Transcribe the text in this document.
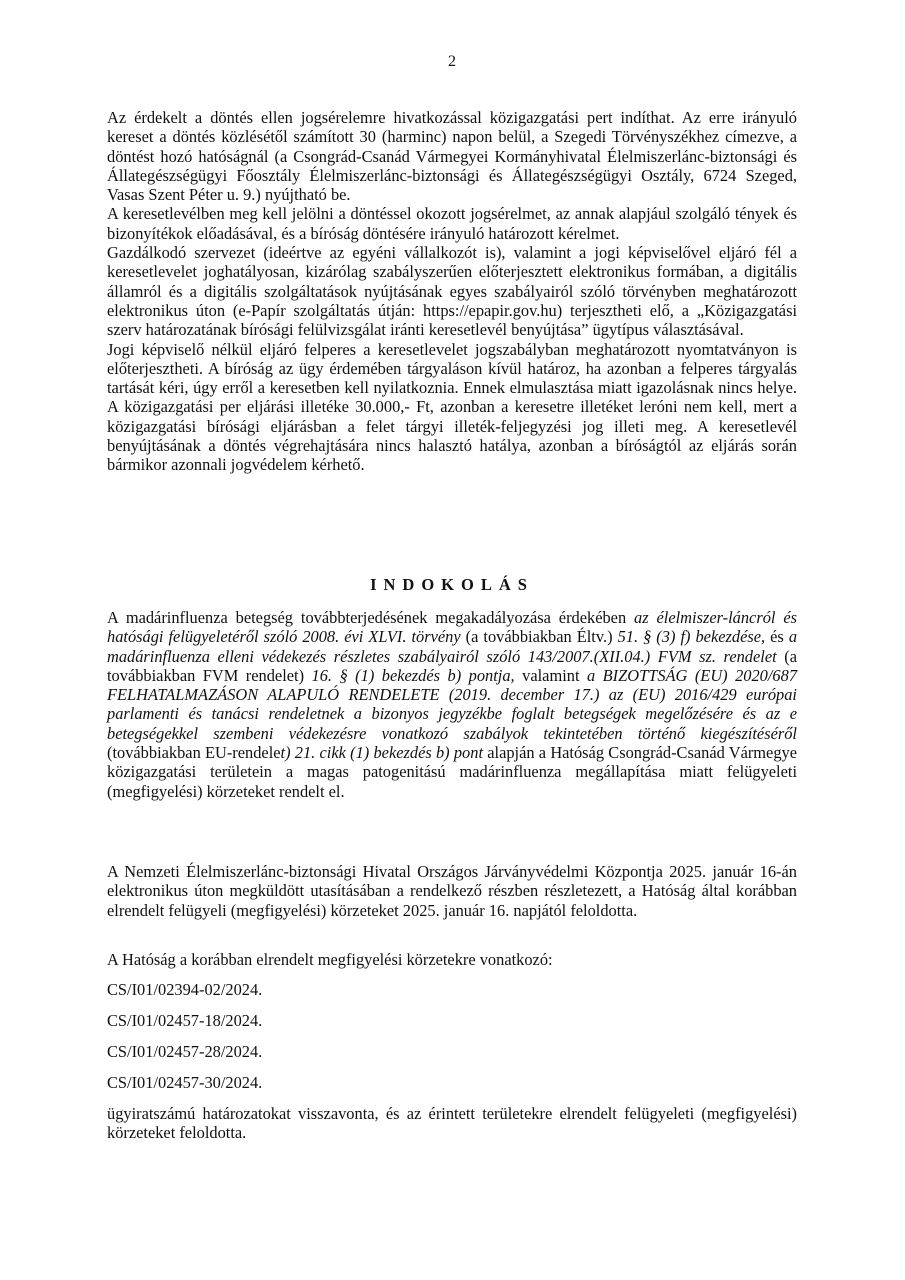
2

Az érdekelt a döntés ellen jogsérelemre hivatkozással közigazgatási pert indíthat. Az erre irányuló kereset a döntés közlésétől számított 30 (harminc) napon belül, a Szegedi Törvényszékhez címezve, a döntést hozó hatóságnál (a Csongrád-Csanád Vármegyei Kormányhivatal Élelmiszerlánc-biztonsági és Állategészségügyi Főosztály Élelmiszerlánc-biztonsági és Állategészségügyi Osztály, 6724 Szeged, Vasas Szent Péter u. 9.) nyújtható be.

A keresetlevélben meg kell jelölni a döntéssel okozott jogsérelmet, az annak alapjául szolgáló tények és bizonyítékok előadásával, és a bíróság döntésére irányuló határozott kérelmet.

Gazdálkodó szervezet (ideértve az egyéni vállalkozót is), valamint a jogi képviselővel eljáró fél a keresetlevelet joghatályosan, kizárólag szabályszerűen előterjesztett elektronikus formában, a digitális államról és a digitális szolgáltatások nyújtásának egyes szabályairól szóló törvényben meghatározott elektronikus úton (e-Papír szolgáltatás útján: https://epapir.gov.hu) terjesztheti elő, a „Közigazgatási szerv határozatának bírósági felülvizsgálat iránti keresetlevél benyújtása” ügytípus választásával.

Jogi képviselő nélkül eljáró felperes a keresetlevelet jogszabályban meghatározott nyomtatványon is előterjesztheti. A bíróság az ügy érdemében tárgyaláson kívül határoz, ha azonban a felperes tárgyalás tartását kéri, úgy erről a keresetben kell nyilatkoznia. Ennek elmulasztása miatt igazolásnak nincs helye. A közigazgatási per eljárási illetéke 30.000,- Ft, azonban a keresetre illetéket leróni nem kell, mert a közigazgatási bírósági eljárásban a felet tárgyi illeték-feljegyzési jog illeti meg. A keresetlevél benyújtásának a döntés végrehajtására nincs halasztó hatálya, azonban a bíróságtól az eljárás során bármikor azonnali jogvédelem kérhető.

INDOKOLÁS

A madárinfluenza betegség továbbterjedésének megakadályozása érdekében az élelmiszer-láncról és hatósági felügyeletéről szóló 2008. évi XLVI. törvény (a továbbiakban Éltv.) 51. § (3) f) bekezdése, és a madárinfluenza elleni védekezés részletes szabályairól szóló 143/2007.(XII.04.) FVM sz. rendelet (a továbbiakban FVM rendelet) 16. § (1) bekezdés b) pontja, valamint a BIZOTTSÁG (EU) 2020/687 FELHATALMAZÁSON ALAPULÓ RENDELETE (2019. december 17.) az (EU) 2016/429 európai parlamenti és tanácsi rendeletnek a bizonyos jegyzékbe foglalt betegségek megelőzésére és az e betegségekkel szembeni védekezésre vonatkozó szabályok tekintetében történő kiegészítéséről (továbbiakban EU-rendelet) 21. cikk (1) bekezdés b) pont alapján a Hatóság Csongrád-Csanád Vármegye közigazgatási területein a magas patogenitású madárinfluenza megállapítása miatt felügyeleti (megfigyelési) körzeteket rendelt el.

A Nemzeti Élelmiszerlánc-biztonsági Hivatal Országos Járványvédelmi Központja 2025. január 16-án elektronikus úton megküldött utasításában a rendelkező részben részletezett, a Hatóság által korábban elrendelt felügyeli (megfigyelési) körzeteket 2025. január 16. napjától feloldotta.

A Hatóság a korábban elrendelt megfigyelési körzetekre vonatkozó:

CS/I01/02394-02/2024.
CS/I01/02457-18/2024.
CS/I01/02457-28/2024.
CS/I01/02457-30/2024.

ügyiratszámú határozatokat visszavonta, és az érintett területekre elrendelt felügyeleti (megfigyelési) körzeteket feloldotta.
